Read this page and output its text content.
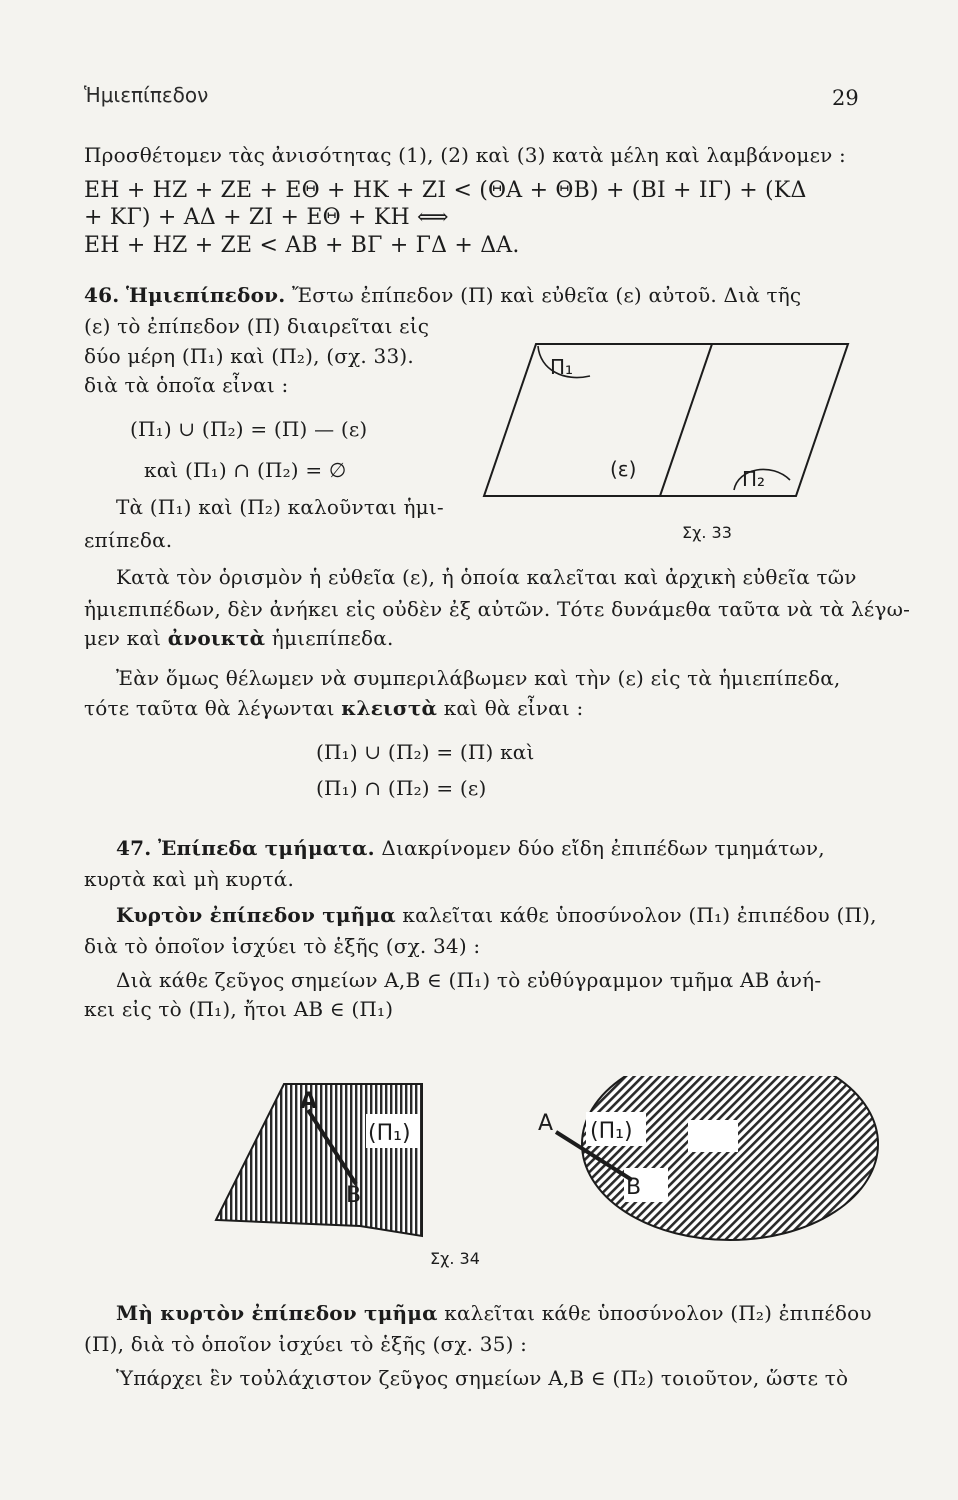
Ἡμιεπίπεδον	29
Προσθέτομεν τὰς ἀνισότητας (1), (2) καὶ (3) κατὰ μέλη καὶ λαμβάνομεν :
ΕΗ + ΗΖ + ΖΕ + ΕΘ + ΗΚ + ΖΙ < (ΘΑ + ΘΒ) + (ΒΙ + ΙΓ) + (ΚΔ
+ ΚΓ) + ΑΔ + ΖΙ + ΕΘ + ΚΗ ⟺
ΕΗ + ΗΖ + ΖΕ < ΑΒ + ΒΓ + ΓΔ + ΔΑ.
46. Ἡμιεπίπεδον. Ἔστω ἐπίπεδον (Π) καὶ εὐθεῖα (ε) αὐτοῦ. Διὰ τῆς
(ε) τὸ ἐπίπεδον (Π) διαιρεῖται εἰς
δύο μέρη (Π₁) καὶ (Π₂), (σχ. 33).
διὰ τὰ ὁποῖα εἶναι :
(Π₁) ∪ (Π₂) = (Π) — (ε)
καὶ (Π₁) ∩ (Π₂) = ∅
Τὰ (Π₁) καὶ (Π₂) καλοῦνται ἡμι-
επίπεδα.
Π₁
Π₂
(ε)
Σχ. 33
Κατὰ τὸν ὁρισμὸν ἡ εὐθεῖα (ε), ἡ ὁποία καλεῖται καὶ ἀρχικὴ εὐθεῖα τῶν
ἡμιεπιπέδων, δὲν ἀνήκει εἰς οὐδὲν ἐξ αὐτῶν. Τότε δυνάμεθα ταῦτα νὰ τὰ λέγω-
μεν καὶ ἀνοικτὰ ἡμιεπίπεδα.
Ἐὰν ὅμως θέλωμεν νὰ συμπεριλάβωμεν καὶ τὴν (ε) εἰς τὰ ἡμιεπίπεδα,
τότε ταῦτα θὰ λέγωνται κλειστὰ καὶ θὰ εἶναι :
(Π₁) ∪ (Π₂) = (Π) καὶ
(Π₁) ∩ (Π₂) = (ε)
47. Ἐπίπεδα τμήματα. Διακρίνομεν δύο εἴδη ἐπιπέδων τμημάτων,
κυρτὰ καὶ μὴ κυρτά.
Κυρτὸν ἐπίπεδον τμῆμα καλεῖται κάθε ὑποσύνολον (Π₁) ἐπιπέδου (Π),
διὰ τὸ ὁποῖον ἰσχύει τὸ ἑξῆς (σχ. 34) :
Διὰ κάθε ζεῦγος σημείων Α,Β ∈ (Π₁) τὸ εὐθύγραμμον τμῆμα ΑΒ ἀνή-
κει εἰς τὸ (Π₁), ἤτοι ΑΒ ∈ (Π₁)
A
B
(Π₁)	A
B
(Π₁)
Σχ. 34
Μὴ κυρτὸν ἐπίπεδον τμῆμα καλεῖται κάθε ὑποσύνολον (Π₂) ἐπιπέδου
(Π), διὰ τὸ ὁποῖον ἰσχύει τὸ ἑξῆς (σχ. 35) :
Ὑπάρχει ἓν τοὐλάχιστον ζεῦγος σημείων Α,Β ∈ (Π₂) τοιοῦτον, ὥστε τὸ
